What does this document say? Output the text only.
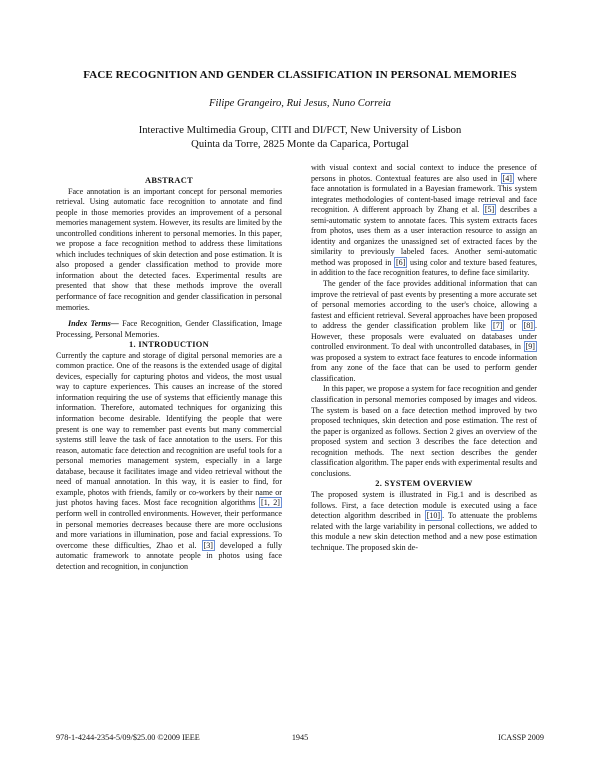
FACE RECOGNITION AND GENDER CLASSIFICATION IN PERSONAL MEMORIES
Filipe Grangeiro, Rui Jesus, Nuno Correia
Interactive Multimedia Group, CITI and DI/FCT, New University of Lisbon
Quinta da Torre, 2825 Monte da Caparica, Portugal

ABSTRACT

Face annotation is an important concept for personal memories retrieval. Using automatic face recognition to annotate and find people in those memories provides an improvement of a personal memories management system. However, its results are limited by the uncontrolled conditions inherent to personal memories. In this paper, we propose a face recognition method to address these limitations which includes techniques of skin detection and pose estimation. It is also proposed a gender classification method to provide more information about the detected faces. Experimental results are presented that show that these methods improve the overall performance of face recognition and gender classification in personal memories.

Index Terms— Face Recognition, Gender Classification, Image Processing, Personal Memories.

1. INTRODUCTION

Currently the capture and storage of digital personal memories are a common practice. One of the reasons is the extended usage of digital devices, especially for capturing photos and videos, the most usual way to capture experiences. This causes an increase of the stored information requiring the use of systems that efficiently manage this information. Therefore, automated techniques for organizing this information become desirable. Identifying the people that were present is one way to remember past events but many commercial systems still leave the task of face annotation to the users. For this reason, automatic face detection and recognition are useful tools for a personal memories management system, especially in a large database, because it facilitates image and video retrieval without the need of manual annotation. In this way, it is easier to find, for example, photos with friends, family or co-workers by their name or just photos having faces. Most face recognition algorithms [1, 2] perform well in controlled environments. However, their performance in personal memories decreases because there are more occlusions and more variations in illumination, pose and facial expressions. To overcome these difficulties, Zhao et al. [3] developed a fully automatic framework to annotate people in photos using face detection and recognition, in conjunction

with visual context and social context to induce the presence of persons in photos. Contextual features are also used in [4] where face annotation is formulated in a Bayesian framework. This system integrates methodologies of content-based image retrieval and face recognition. A different approach by Zhang et al. [5] describes a semi-automatic system to annotate faces. This system extracts faces from photos, uses them as a user interaction resource to assign an identity and organizes the unassigned set of extracted faces by the similarity to previously labeled faces. Another semi-automatic method was proposed in [6] using color and texture based features, in addition to the face recognition features, to define face similarity.

The gender of the face provides additional information that can improve the retrieval of past events by presenting a more accurate set of personal memories according to the user's choice, allowing a fastest and efficient retrieval. Several approaches have been proposed to address the gender classification problem like [7] or [8] . However, these proposals were evaluated on databases under controlled environment. To deal with uncontrolled databases, in [9] was proposed a system to extract face features to encode information from any zone of the face that can be used to perform gender classification.

In this paper, we propose a system for face recognition and gender classification in personal memories composed by images and videos. The system is based on a face detection method improved by two proposed techniques, skin detection and pose estimation. The rest of the paper is organized as follows. Section 2 gives an overview of the proposed system and section 3 describes the face detection and recognition methods. The next section describes the gender classification algorithm. The paper ends with experimental results and conclusions.

2. SYSTEM OVERVIEW

The proposed system is illustrated in Fig.1 and is described as follows. First, a face detection module is executed using a face detection algorithm described in [10] . To attenuate the problems related with the large variability in personal collections, we added to this module a new skin detection method and a new pose estimation technique. The proposed skin de-

978-1-4244-2354-5/09/$25.00 ©2009 IEEE	1945	ICASSP 2009
